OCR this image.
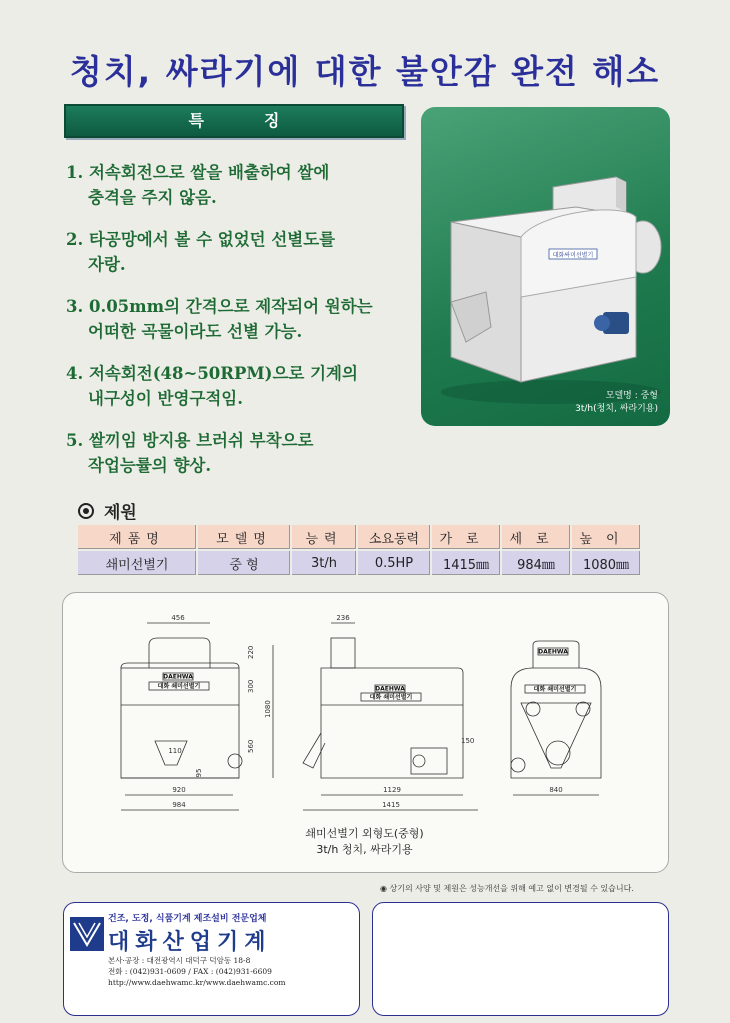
청치, 싸라기에 대한 불안감 완전 해소
특징
1. 저속회전으로 쌀을 배출하여 쌀에
충격을 주지 않음.
2. 타공망에서 볼 수 없었던 선별도를
자랑.
3. 0.05mm의 간격으로 제작되어 원하는
어떠한 곡물이라도 선별 가능.
4. 저속회전(48~50RPM)으로 기계의
내구성이 반영구적임.
5. 쌀끼임 방지용 브러쉬 부착으로
작업능률의 향상.
대화싸미선별기
모델명 : 중형
3t/h(청치, 싸라기용)
제원
제품명	모델명	능력	소요동력	가로	세로	높이
쇄미선별기	중 형	3t/h	0.5HP	1415㎜	984㎜	1080㎜
456
DAEHWA
대화 쇄미선별기
110
95
220
300
560
1080
920
984
236
DAEHWA
대화 쇄미선별기
150
1129
1415
DAEHWA
대화 쇄미선별기
840
쇄미선별기 외형도(중형)
3t/h 청치, 싸라기용
◉ 상기의 사양 및 제원은 성능개선을 위해 예고 없이 변경될 수 있습니다.
건조, 도정, 식품기계 제조설비 전문업체
대화산업기계
본사·공장 : 대전광역시 대덕구 덕암동 18-8
전화 : (042)931-0609 / FAX : (042)931-6609
http://www.daehwamc.kr/www.daehwamc.com
